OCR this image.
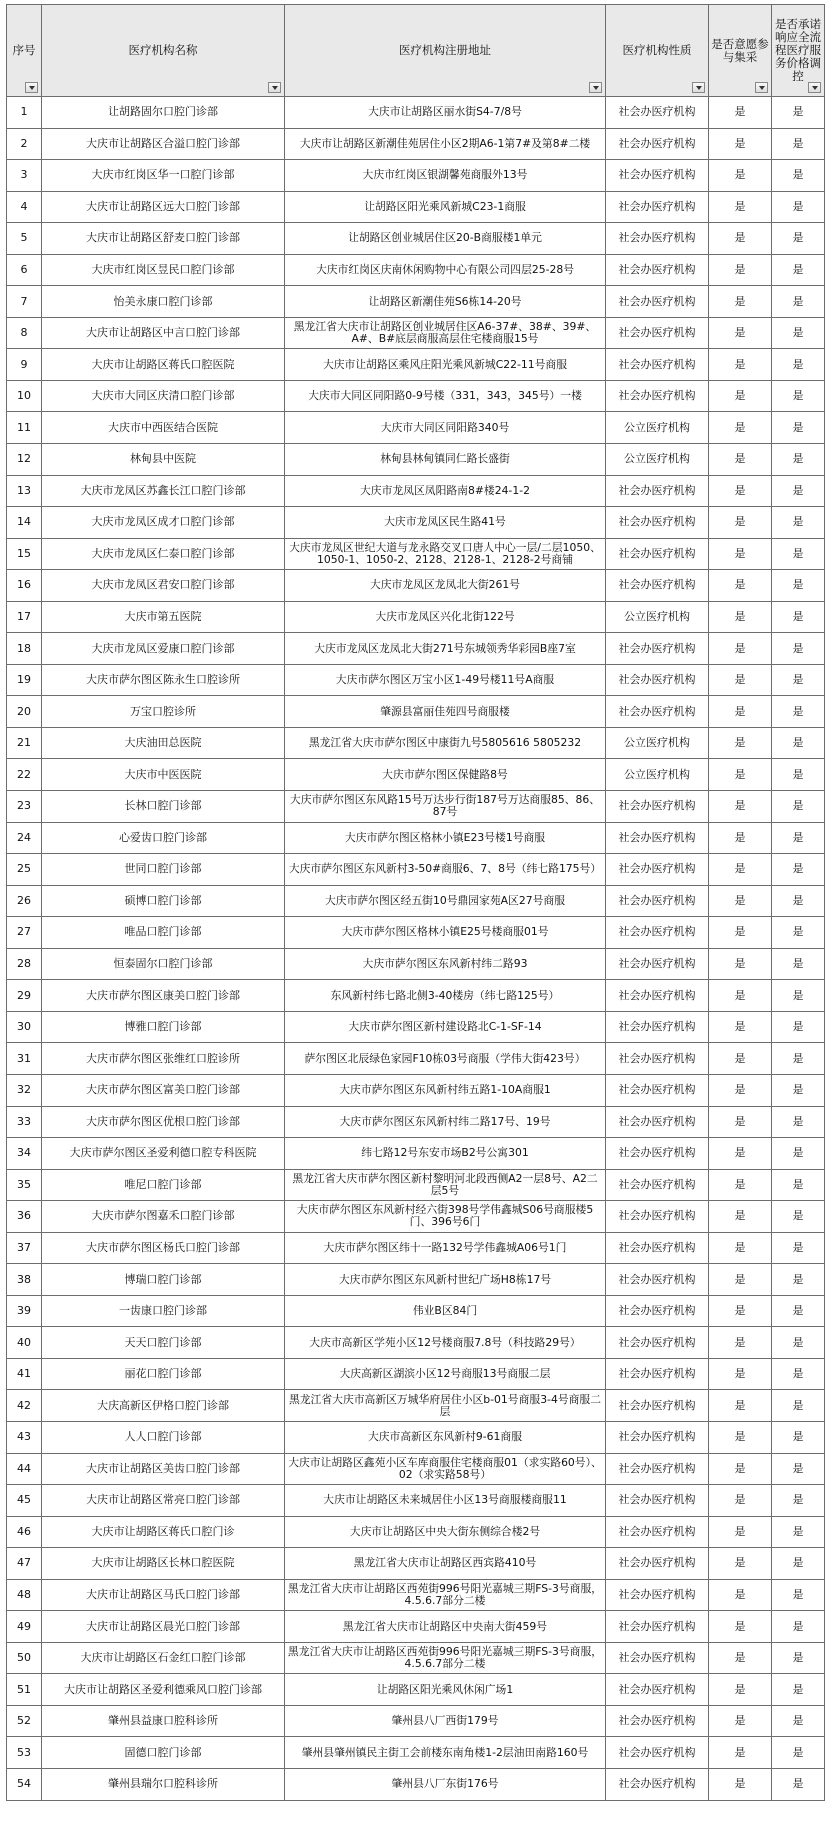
序号	医疗机构名称	医疗机构注册地址	医疗机构性质	是否意愿参与集采	是否承诺响应全流程医疗服务价格调控

1	让胡路固尔口腔门诊部	大庆市让胡路区丽水街S4-7/8号	社会办医疗机构	是	是
2	大庆市让胡路区合溢口腔门诊部	大庆市让胡路区新潮佳苑居住小区2期A6-1第7#及第8#二楼	社会办医疗机构	是	是
3	大庆市红岗区华一口腔门诊部	大庆市红岗区银湖馨苑商服外13号	社会办医疗机构	是	是
4	大庆市让胡路区远大口腔门诊部	让胡路区阳光乘风新城C23-1商服	社会办医疗机构	是	是
5	大庆市让胡路区舒麦口腔门诊部	让胡路区创业城居住区20-B商服楼1单元	社会办医疗机构	是	是
6	大庆市红岗区昱民口腔门诊部	大庆市红岗区庆南休闲购物中心有限公司四层25-28号	社会办医疗机构	是	是
7	怡美永康口腔门诊部	让胡路区新潮佳苑S6栋14-20号	社会办医疗机构	是	是
8	大庆市让胡路区中言口腔门诊部	黑龙江省大庆市让胡路区创业城居住区A6-37#、38#、39#、A#、B#底层商服高层住宅楼商服15号	社会办医疗机构	是	是
9	大庆市让胡路区蒋氏口腔医院	大庆市让胡路区乘风庄阳光乘风新城C22-11号商服	社会办医疗机构	是	是
10	大庆市大同区庆清口腔门诊部	大庆市大同区同阳路0-9号楼（331，343，345号）一楼	社会办医疗机构	是	是
11	大庆市中西医结合医院	大庆市大同区同阳路340号	公立医疗机构	是	是
12	林甸县中医院	林甸县林甸镇同仁路长盛街	公立医疗机构	是	是
13	大庆市龙凤区苏鑫长江口腔门诊部	大庆市龙凤区凤阳路南8#楼24-1-2	社会办医疗机构	是	是
14	大庆市龙凤区成才口腔门诊部	大庆市龙凤区民生路41号	社会办医疗机构	是	是
15	大庆市龙凤区仁泰口腔门诊部	大庆市龙凤区世纪大道与龙永路交叉口唐人中心一层/二层1050、1050-1、1050-2、2128、2128-1、2128-2号商铺	社会办医疗机构	是	是
16	大庆市龙凤区君安口腔门诊部	大庆市龙凤区龙凤北大街261号	社会办医疗机构	是	是
17	大庆市第五医院	大庆市龙凤区兴化北街122号	公立医疗机构	是	是
18	大庆市龙凤区爱康口腔门诊部	大庆市龙凤区龙凤北大街271号东城领秀华彩园B座7室	社会办医疗机构	是	是
19	大庆市萨尔图区陈永生口腔诊所	大庆市萨尔图区万宝小区1-49号楼11号A商服	社会办医疗机构	是	是
20	万宝口腔诊所	肇源县富丽佳苑四号商服楼	社会办医疗机构	是	是
21	大庆油田总医院	黑龙江省大庆市萨尔图区中康街九号5805616 5805232	公立医疗机构	是	是
22	大庆市中医医院	大庆市萨尔图区保健路8号	公立医疗机构	是	是
23	长林口腔门诊部	大庆市萨尔图区东风路15号万达步行街187号万达商服85、86、87号	社会办医疗机构	是	是
24	心爱齿口腔门诊部	大庆市萨尔图区格林小镇E23号楼1号商服	社会办医疗机构	是	是
25	世同口腔门诊部	大庆市萨尔图区东风新村3-50#商服6、7、8号（纬七路175号）	社会办医疗机构	是	是
26	硕博口腔门诊部	大庆市萨尔图区经五街10号鼎园家苑A区27号商服	社会办医疗机构	是	是
27	唯品口腔门诊部	大庆市萨尔图区格林小镇E25号楼商服01号	社会办医疗机构	是	是
28	恒泰固尔口腔门诊部	大庆市萨尔图区东风新村纬二路93	社会办医疗机构	是	是
29	大庆市萨尔图区康美口腔门诊部	东风新村纬七路北侧3-40楼房（纬七路125号）	社会办医疗机构	是	是
30	博雅口腔门诊部	大庆市萨尔图区新村建设路北C-1-SF-14	社会办医疗机构	是	是
31	大庆市萨尔图区张维红口腔诊所	萨尔图区北辰绿色家园F10栋03号商服（学伟大街423号）	社会办医疗机构	是	是
32	大庆市萨尔图区富美口腔门诊部	大庆市萨尔图区东风新村纬五路1-10A商服1	社会办医疗机构	是	是
33	大庆市萨尔图区优根口腔门诊部	大庆市萨尔图区东风新村纬二路17号、19号	社会办医疗机构	是	是
34	大庆市萨尔图区圣爱利德口腔专科医院	纬七路12号东安市场B2号公寓301	社会办医疗机构	是	是
35	唯尼口腔门诊部	黑龙江省大庆市萨尔图区新村黎明河北段西侧A2一层8号、A2二层5号	社会办医疗机构	是	是
36	大庆市萨尔图嘉禾口腔门诊部	大庆市萨尔图区东风新村经六街398号学伟鑫城S06号商服楼5门、396号6门	社会办医疗机构	是	是
37	大庆市萨尔图区杨氏口腔门诊部	大庆市萨尔图区纬十一路132号学伟鑫城A06号1门	社会办医疗机构	是	是
38	博瑞口腔门诊部	大庆市萨尔图区东风新村世纪广场H8栋17号	社会办医疗机构	是	是
39	一齿康口腔门诊部	伟业B区84门	社会办医疗机构	是	是
40	天天口腔门诊部	大庆市高新区学苑小区12号楼商服7.8号（科技路29号）	社会办医疗机构	是	是
41	丽花口腔门诊部	大庆高新区湖滨小区12号商服13号商服二层	社会办医疗机构	是	是
42	大庆高新区伊格口腔门诊部	黑龙江省大庆市高新区万城华府居住小区b-01号商服3-4号商服二层	社会办医疗机构	是	是
43	人人口腔门诊部	大庆市高新区东风新村9-61商服	社会办医疗机构	是	是
44	大庆市让胡路区美齿口腔门诊部	大庆市让胡路区鑫苑小区车库商服住宅楼商服01（求实路60号）、02（求实路58号）	社会办医疗机构	是	是
45	大庆市让胡路区常亮口腔门诊部	大庆市让胡路区未来城居住小区13号商服楼商服11	社会办医疗机构	是	是
46	大庆市让胡路区蒋氏口腔门诊	大庆市让胡路区中央大街东侧综合楼2号	社会办医疗机构	是	是
47	大庆市让胡路区长林口腔医院	黑龙江省大庆市让胡路区西宾路410号	社会办医疗机构	是	是
48	大庆市让胡路区马氏口腔门诊部	黑龙江省大庆市让胡路区西苑街996号阳光嘉城三期FS-3号商服，4.5.6.7部分二楼	社会办医疗机构	是	是
49	大庆市让胡路区晨光口腔门诊部	黑龙江省大庆市让胡路区中央南大街459号	社会办医疗机构	是	是
50	大庆市让胡路区石金红口腔门诊部	黑龙江省大庆市让胡路区西苑街996号阳光嘉城三期FS-3号商服，4.5.6.7部分二楼	社会办医疗机构	是	是
51	大庆市让胡路区圣爱利德乘风口腔门诊部	让胡路区阳光乘风休闲广场1	社会办医疗机构	是	是
52	肇州县益康口腔科诊所	肇州县八厂西街179号	社会办医疗机构	是	是
53	固德口腔门诊部	肇州县肇州镇民主街工会前楼东南角楼1-2层油田南路160号	社会办医疗机构	是	是
54	肇州县瑞尔口腔科诊所	肇州县八厂东街176号	社会办医疗机构	是	是
